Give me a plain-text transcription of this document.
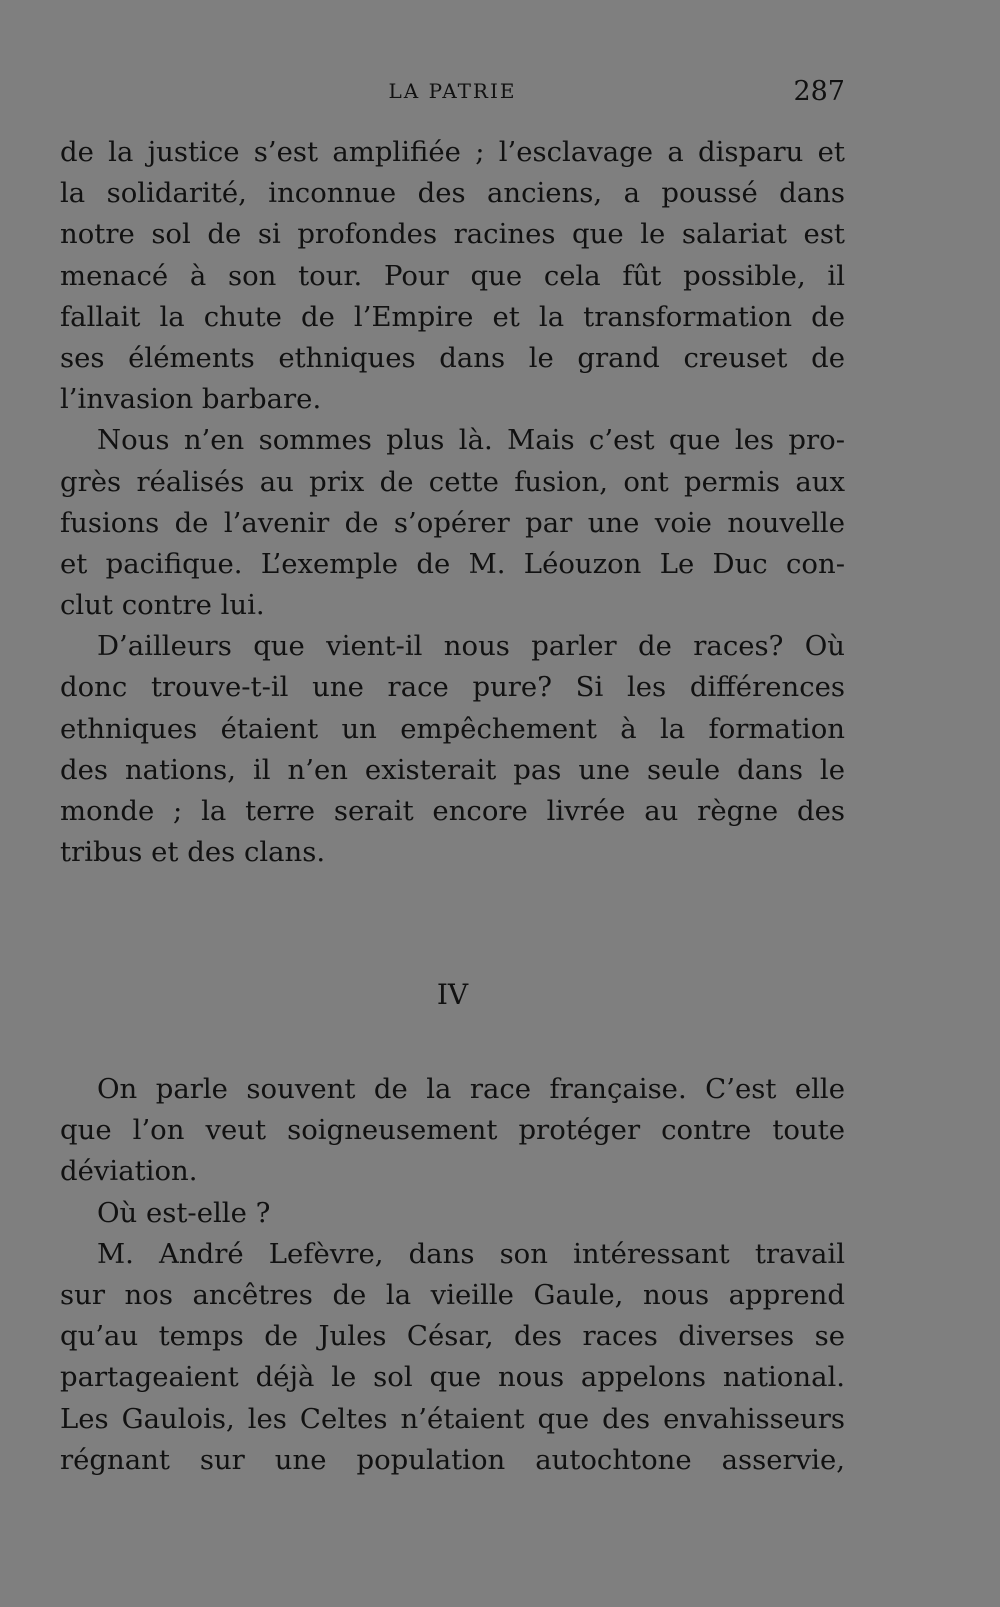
LA PATRIE	287
de la justice s’est amplifiée ; l’esclavage a disparu et
la solidarité, inconnue des anciens, a poussé dans
notre sol de si profondes racines que le salariat est
menacé à son tour. Pour que cela fût possible, il
fallait la chute de l’Empire et la transformation de
ses éléments ethniques dans le grand creuset de
l’invasion barbare.
Nous n’en sommes plus là. Mais c’est que les pro-
grès réalisés au prix de cette fusion, ont permis aux
fusions de l’avenir de s’opérer par une voie nouvelle
et pacifique. L’exemple de M. Léouzon Le Duc con-
clut contre lui.
D’ailleurs que vient-il nous parler de races? Où
donc trouve-t-il une race pure? Si les différences
ethniques étaient un empêchement à la formation
des nations, il n’en existerait pas une seule dans le
monde ; la terre serait encore livrée au règne des
tribus et des clans.
IV
On parle souvent de la race française. C’est elle
que l’on veut soigneusement protéger contre toute
déviation.
Où est-elle ?
M. André Lefèvre, dans son intéressant travail
sur nos ancêtres de la vieille Gaule, nous apprend
qu’au temps de Jules César, des races diverses se
partageaient déjà le sol que nous appelons national.
Les Gaulois, les Celtes n’étaient que des envahisseurs
régnant sur une population autochtone asservie,
